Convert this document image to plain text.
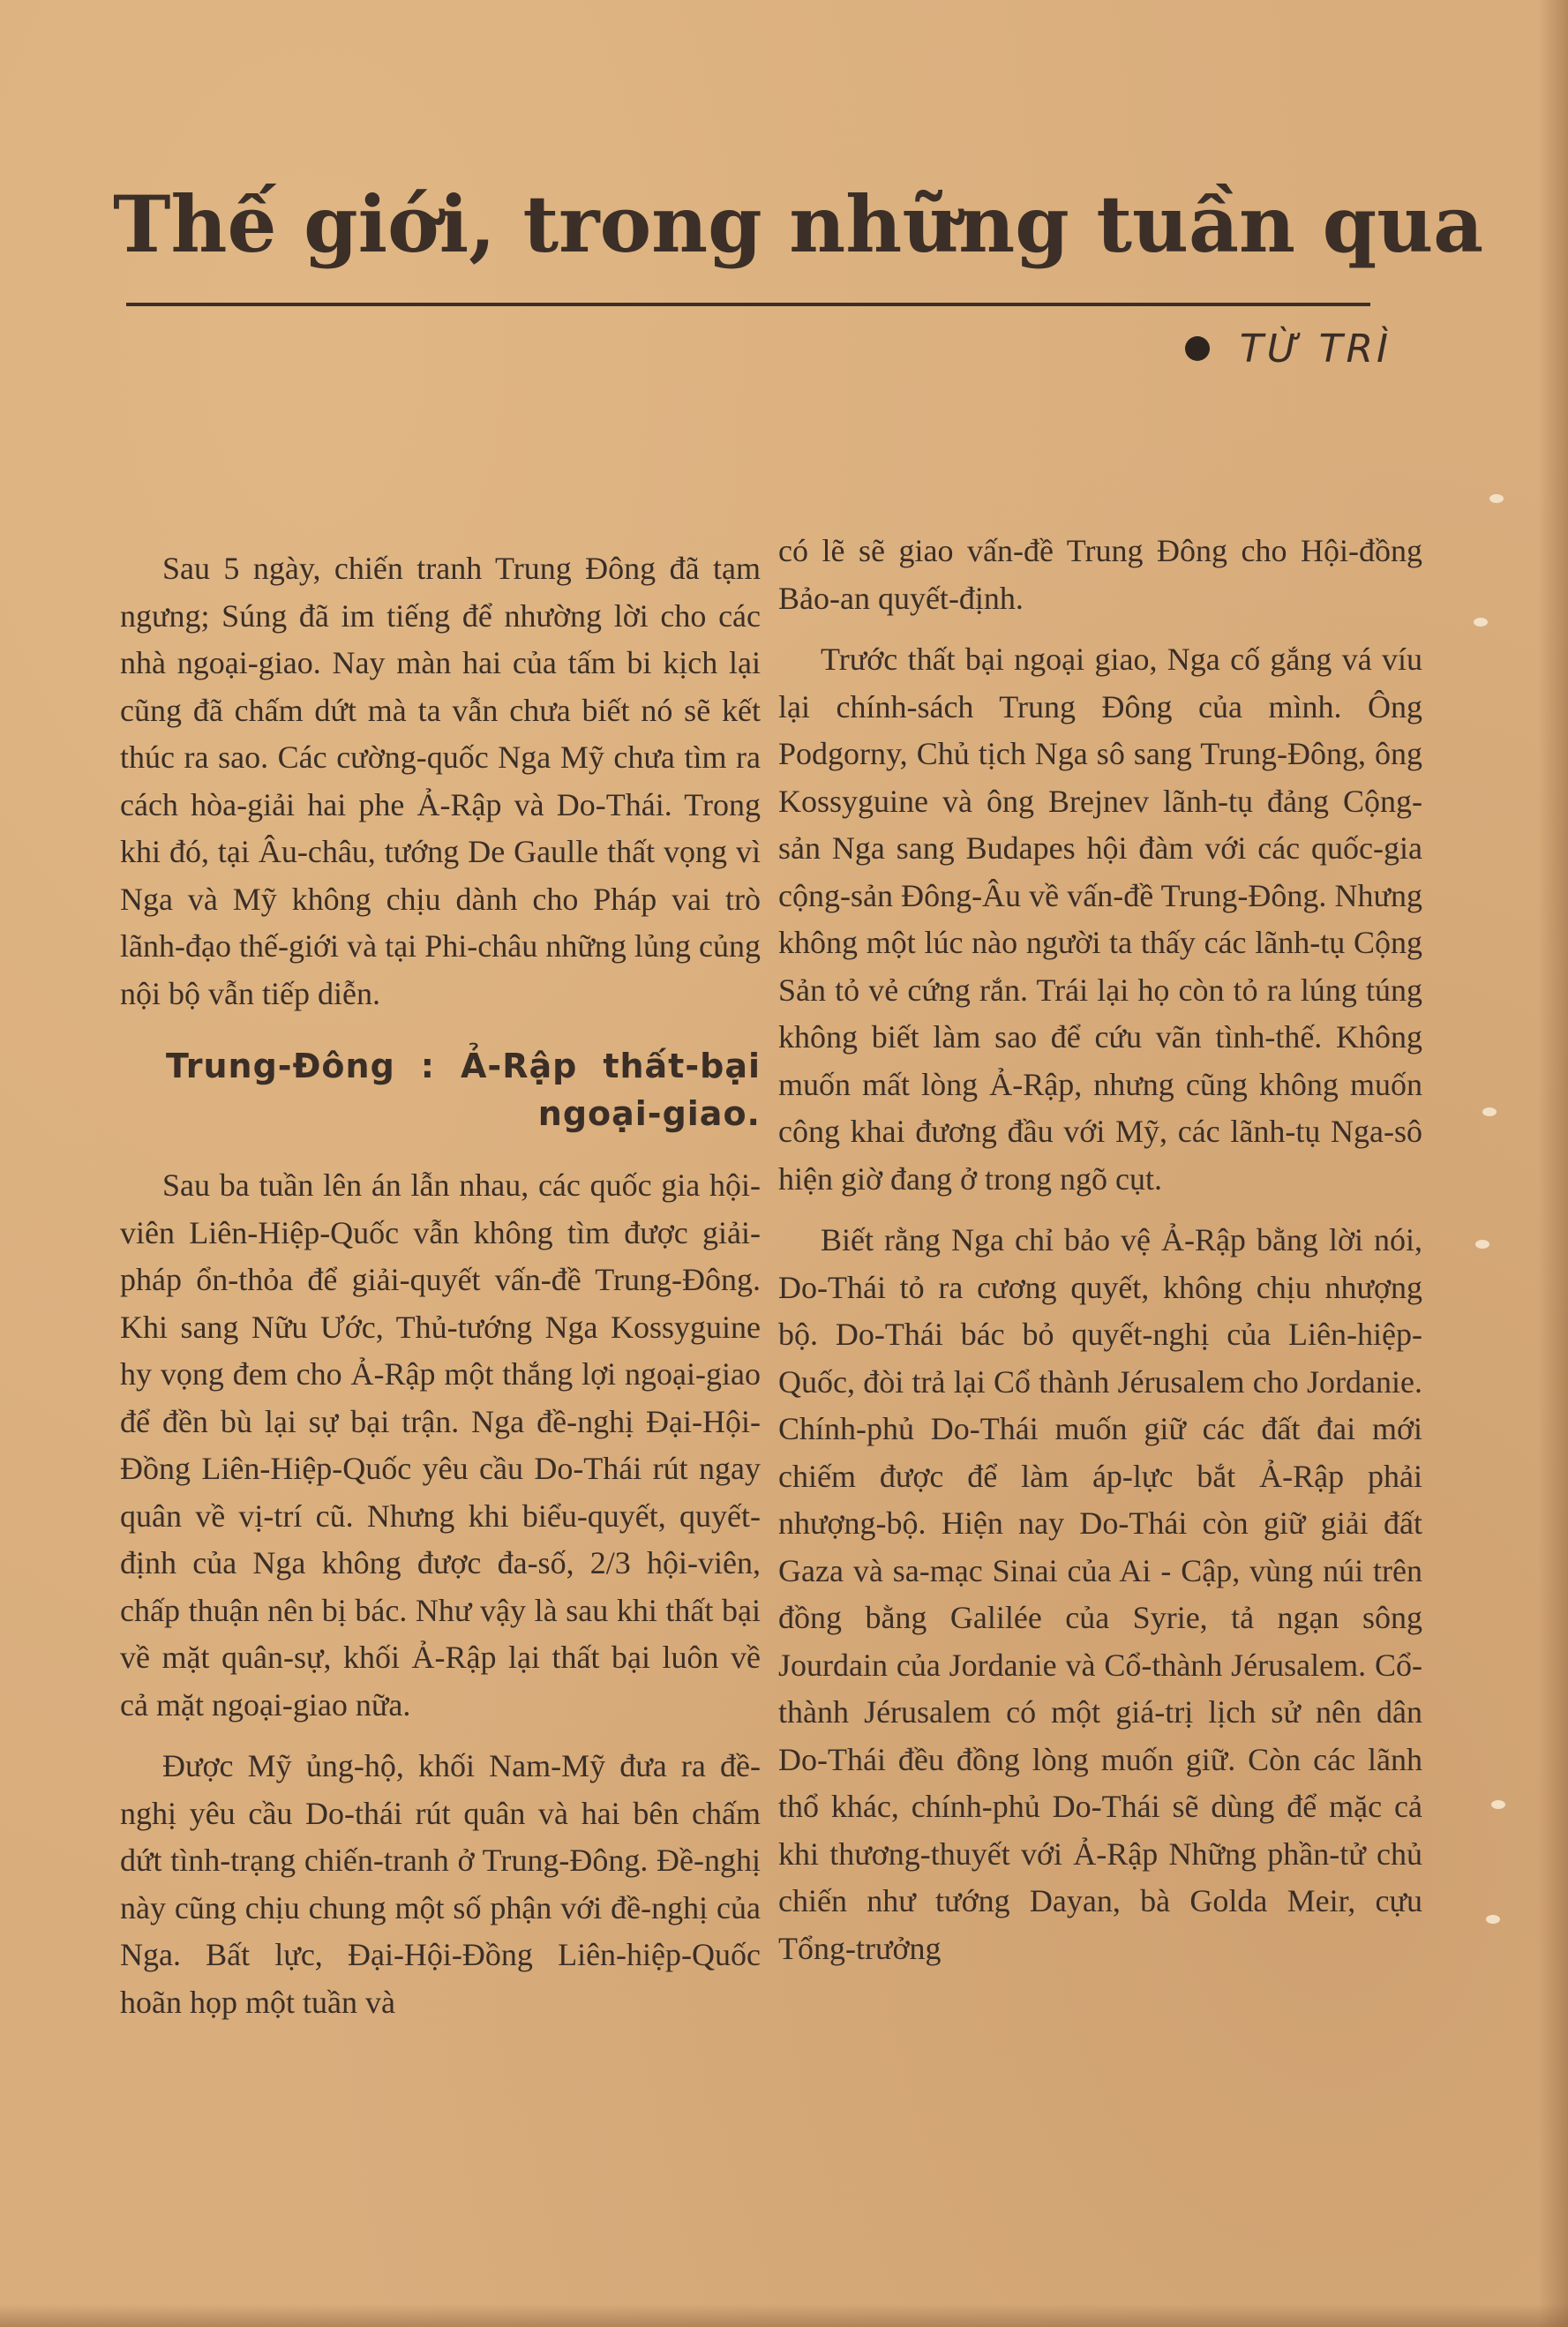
Thế giới, trong những tuần qua
TỪ TRÌ

Sau 5 ngày, chiến tranh Trung Đông đã tạm ngưng; Súng đã im tiếng để nhường lời cho các nhà ngoại-giao. Nay màn hai của tấm bi kịch lại cũng đã chấm dứt mà ta vẫn chưa biết nó sẽ kết thúc ra sao. Các cường-quốc Nga Mỹ chưa tìm ra cách hòa-giải hai phe Ả-Rập và Do-Thái. Trong khi đó, tại Âu-châu, tướng De Gaulle thất vọng vì Nga và Mỹ không chịu dành cho Pháp vai trò lãnh-đạo thế-giới và tại Phi-châu những lủng củng nội bộ vẫn tiếp diễn.

Trung-Đông : Ả-Rập thất-bại ngoại-giao.

Sau ba tuần lên án lẫn nhau, các quốc gia hội-viên Liên-Hiệp-Quốc vẫn không tìm được giải-pháp ổn-thỏa để giải-quyết vấn-đề Trung-Đông. Khi sang Nữu Ước, Thủ-tướng Nga Kossyguine hy vọng đem cho Ả-Rập một thắng lợi ngoại-giao để đền bù lại sự bại trận. Nga đề-nghị Đại-Hội-Đồng Liên-Hiệp-Quốc yêu cầu Do-Thái rút ngay quân về vị-trí cũ. Nhưng khi biểu-quyết, quyết-định của Nga không được đa-số, 2/3 hội-viên, chấp thuận nên bị bác. Như vậy là sau khi thất bại về mặt quân-sự, khối Ả-Rập lại thất bại luôn về cả mặt ngoại-giao nữa.

Được Mỹ ủng-hộ, khối Nam-Mỹ đưa ra đề-nghị yêu cầu Do-thái rút quân và hai bên chấm dứt tình-trạng chiến-tranh ở Trung-Đông. Đề-nghị này cũng chịu chung một số phận với đề-nghị của Nga. Bất lực, Đại-Hội-Đồng Liên-hiệp-Quốc hoãn họp một tuần và

có lẽ sẽ giao vấn-đề Trung Đông cho Hội-đồng Bảo-an quyết-định.

Trước thất bại ngoại giao, Nga cố gắng vá víu lại chính-sách Trung Đông của mình. Ông Podgorny, Chủ tịch Nga sô sang Trung-Đông, ông Kossyguine và ông Brejnev lãnh-tụ đảng Cộng-sản Nga sang Budapes hội đàm với các quốc-gia cộng-sản Đông-Âu về vấn-đề Trung-Đông. Nhưng không một lúc nào người ta thấy các lãnh-tụ Cộng Sản tỏ vẻ cứng rắn. Trái lại họ còn tỏ ra lúng túng không biết làm sao để cứu vãn tình-thế. Không muốn mất lòng Ả-Rập, nhưng cũng không muốn công khai đương đầu với Mỹ, các lãnh-tụ Nga-sô hiện giờ đang ở trong ngõ cụt.

Biết rằng Nga chỉ bảo vệ Ả-Rập bằng lời nói, Do-Thái tỏ ra cương quyết, không chịu nhượng bộ. Do-Thái bác bỏ quyết-nghị của Liên-hiệp-Quốc, đòi trả lại Cổ thành Jérusalem cho Jordanie. Chính-phủ Do-Thái muốn giữ các đất đai mới chiếm được để làm áp-lực bắt Ả-Rập phải nhượng-bộ. Hiện nay Do-Thái còn giữ giải đất Gaza và sa-mạc Sinai của Ai - Cập, vùng núi trên đồng bằng Galilée của Syrie, tả ngạn sông Jourdain của Jordanie và Cổ-thành Jérusalem. Cổ-thành Jérusalem có một giá-trị lịch sử nên dân Do-Thái đều đồng lòng muốn giữ. Còn các lãnh thổ khác, chính-phủ Do-Thái sẽ dùng để mặc cả khi thương-thuyết với Ả-Rập Những phần-tử chủ chiến như tướng Dayan, bà Golda Meir, cựu Tổng-trưởng
